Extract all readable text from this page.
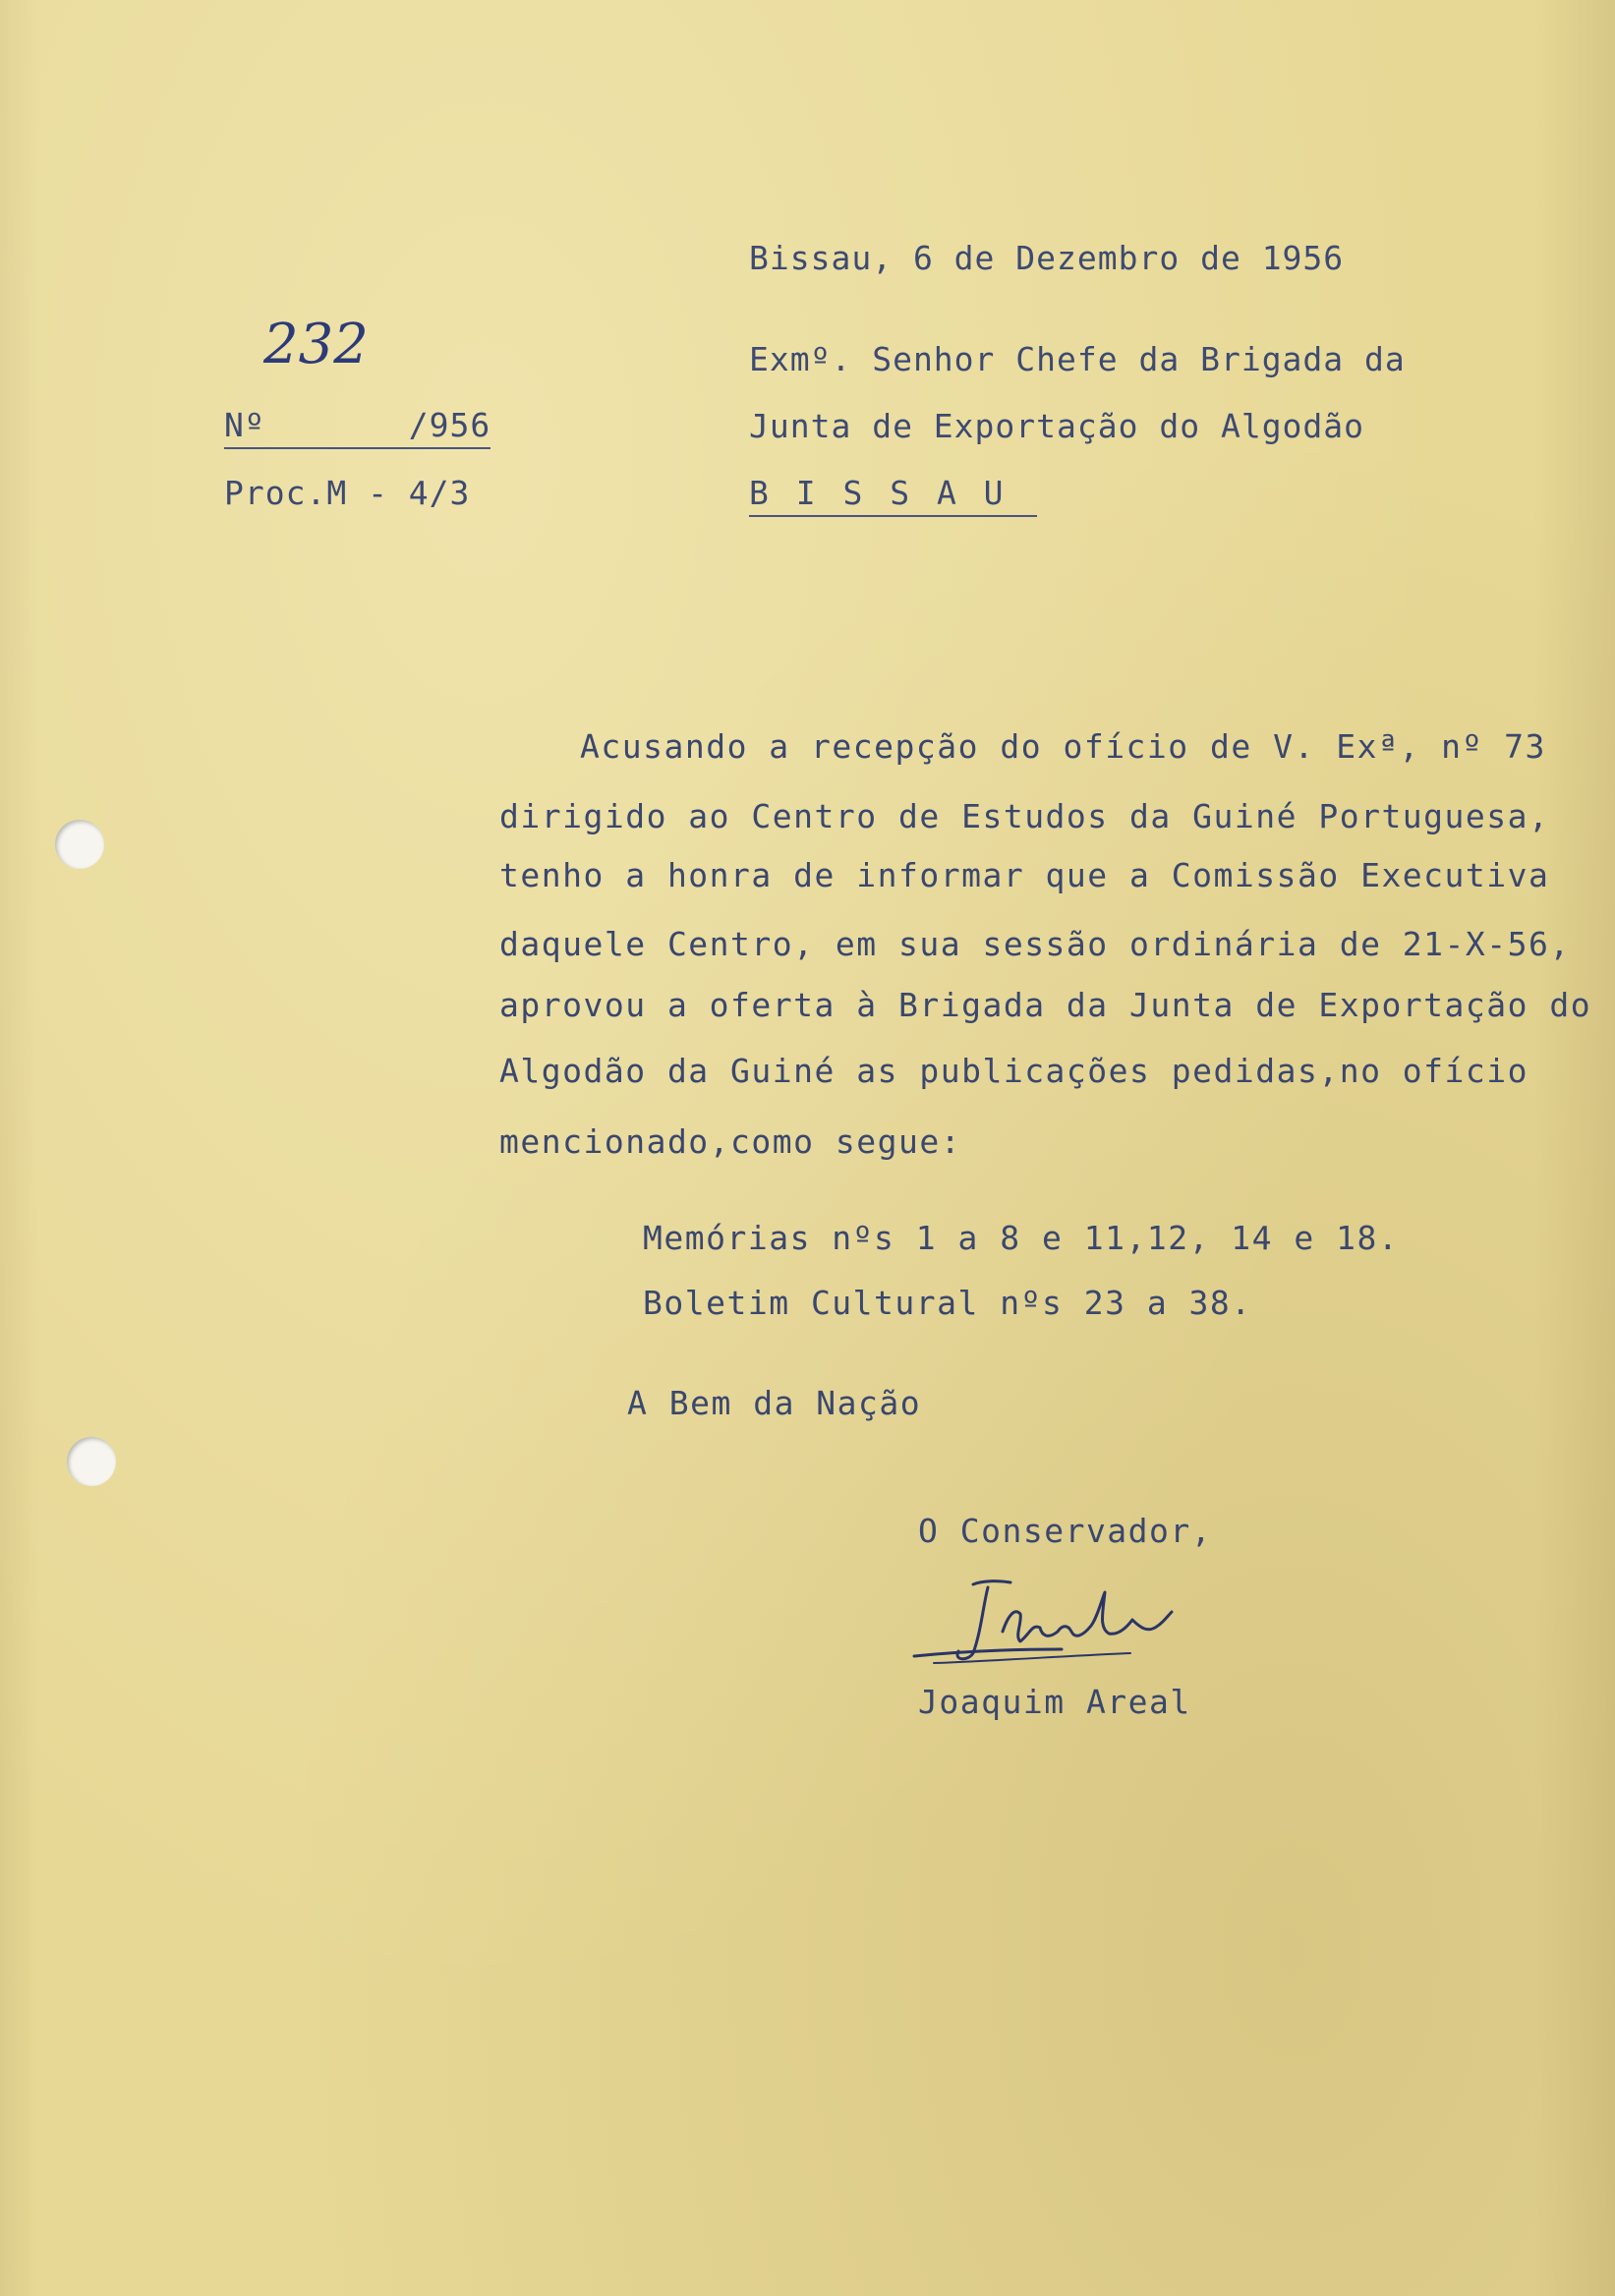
Bissau, 6 de Dezembro de 1956
232
Nº       /956
Proc.M - 4/3
Exmº. Senhor Chefe da Brigada da
Junta de Exportação do Algodão
B I S S A U
Acusando a recepção do ofício de V. Exª, nº 73
dirigido ao Centro de Estudos da Guiné Portuguesa,
tenho a honra de informar que a Comissão Executiva
daquele Centro, em sua sessão ordinária de 21-X-56,
aprovou a oferta à Brigada da Junta de Exportação do
Algodão da Guiné as publicações pedidas,no ofício
mencionado,como segue:
Memórias nºs 1 a 8 e 11,12, 14 e 18.
Boletim Cultural nºs 23 a 38.
A Bem da Nação
O Conservador,
Joaquim Areal
